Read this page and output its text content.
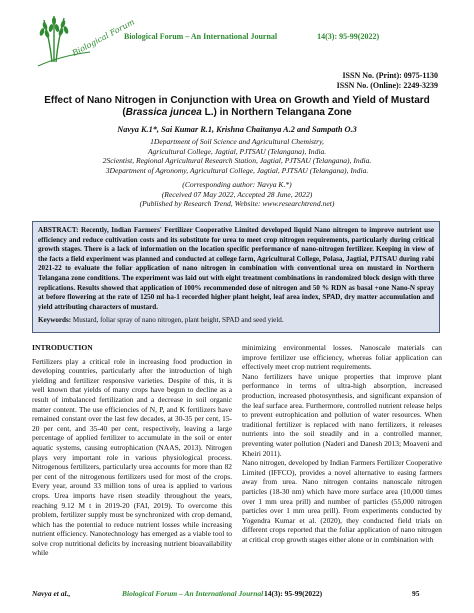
Biological Forum
Biological Forum – An International Journal	14(3): 95-99(2022)
ISSN No. (Print): 0975-1130
ISSN No. (Online): 2249-3239
Effect of Nano Nitrogen in Conjunction with Urea on Growth and Yield of Mustard
(Brassica juncea L.) in Northern Telangana Zone
Navya K.1*, Sai Kumar R.1, Krishna Chaitanya A.2 and Sampath O.3
1Department of Soil Science and Agricultural Chemistry,
Agricultural College, Jagtial, PJTSAU (Telangana), India.
2Scientist, Regional Agricultural Research Station, Jagtial, PJTSAU (Telangana), India.
3Department of Agronomy, Agricultural College, Jagtial, PJTSAU (Telangana), India.
(Corresponding author: Navya K.*)
(Received 07 May 2022, Accepted 28 June, 2022)
(Published by Research Trend, Website: www.researchtrend.net)
ABSTRACT: Recently, Indian Farmers' Fertilizer Cooperative Limited developed liquid Nano nitrogen to improve nutrient use efficiency and reduce cultivation costs and its substitute for urea to meet crop nitrogen requirements, particularly during critical growth stages. There is a lack of information on the location specific performance of nano-nitrogen fertilizer. Keeping in view of the facts a field experiment was planned and conducted at college farm, Agricultural College, Polasa, Jagtial, PJTSAU during rabi 2021-22 to evaluate the foliar application of nano nitrogen in combination with conventional urea on mustard in Northern Telangana zone conditions. The experiment was laid out with eight treatment combinations in randomized block design with three replications. Results showed that application of 100% recommended dose of nitrogen and 50 % RDN as basal +one Nano-N spray at before flowering at the rate of 1250 ml ha-1 recorded higher plant height, leaf area index, SPAD, dry matter accumulation and yield attributing characters of mustard.
Keywords: Mustard, foliar spray of nano nitrogen, plant height, SPAD and seed yield.
INTRODUCTION

Fertilizers play a critical role in increasing food production in developing countries, particularly after the introduction of high yielding and fertilizer responsive varieties. Despite of this, it is well known that yields of many crops have begun to decline as a result of imbalanced fertilization and a decrease in soil organic matter content. The use efficiencies of N, P, and K fertilizers have remained constant over the last few decades, at 30-35 per cent, 15-20 per cent, and 35-40 per cent, respectively, leaving a large percentage of applied fertilizer to accumulate in the soil or enter aquatic systems, causing eutrophication (NAAS, 2013). Nitrogen plays very important role in various physiological process. Nitrogenous fertilizers, particularly urea accounts for more than 82 per cent of the nitrogenous fertilizers used for most of the crops. Every year, around 33 million tons of urea is applied to various crops. Urea imports have risen steadily throughout the years, reaching 9.12 M t in 2019-20 (FAI, 2019). To overcome this problem, fertilizer supply must be synchronized with crop demand, which has the potential to reduce nutrient losses while increasing nutrient efficiency. Nanotechnology has emerged as a viable tool to solve crop nutritional deficits by increasing nutrient bioavailability while

minimizing environmental losses. Nanoscale materials can improve fertilizer use efficiency, whereas foliar application can effectively meet crop nutrient requirements.

Nano fertilizers have unique properties that improve plant performance in terms of ultra-high absorption, increased production, increased photosynthesis, and significant expansion of the leaf surface area. Furthermore, controlled nutrient release helps to prevent eutrophication and pollution of water resources. When traditional fertilizer is replaced with nano fertilizers, it releases nutrients into the soil steadily and in a controlled manner, preventing water pollution (Naderi and Danesh 2013; Moaveni and Kheiri 2011).

Nano nitrogen, developed by Indian Farmers Fertilizer Cooperative Limited (IFFCO), provides a novel alternative to easing farmers away from urea. Nano nitrogen contains nanoscale nitrogen particles (18-30 nm) which have more surface area (10,000 times over 1 mm urea prill) and number of particles (55,000 nitrogen particles over 1 mm urea prill). From experiments conducted by Yogendra Kumar et al. (2020), they conducted field trials on different crops reported that the foliar application of nano nitrogen at critical crop growth stages either alone or in combination with

Navya et al.,	Biological Forum – An International Journal 14(3): 95-99(2022)	95
